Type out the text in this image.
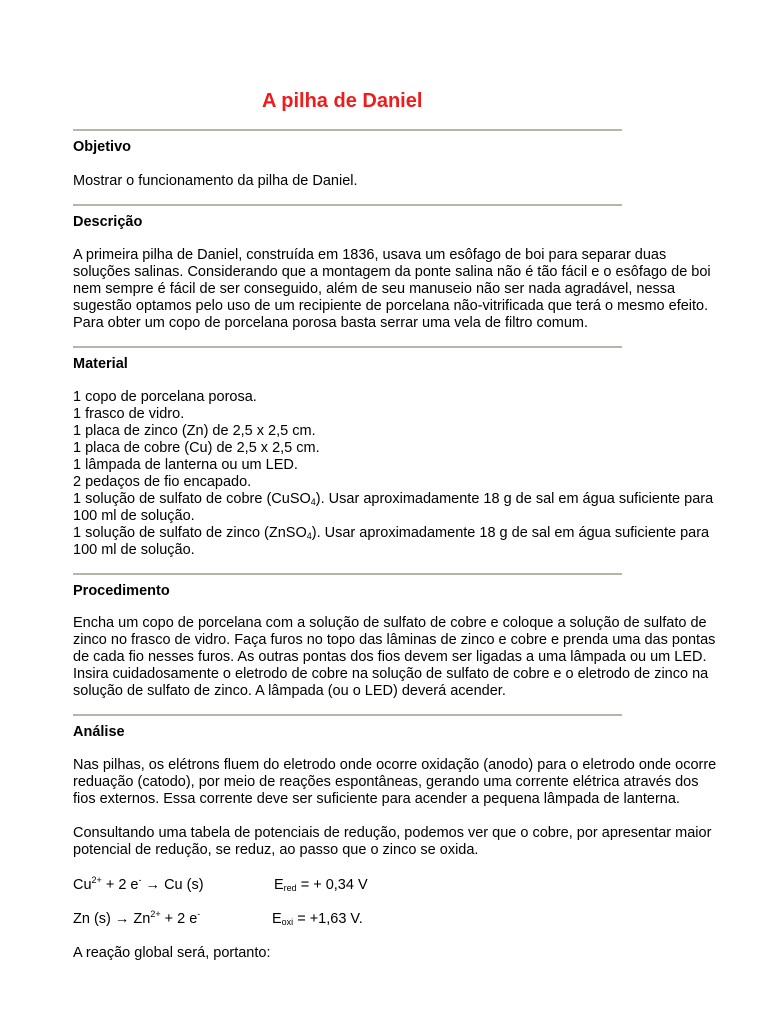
A pilha de Daniel
Objetivo
Mostrar o funcionamento da pilha de Daniel.
Descrição
A primeira pilha de Daniel, construída em 1836, usava um esôfago de boi para separar duas
soluções salinas. Considerando que a montagem da ponte salina não é tão fácil e o esôfago de boi
nem sempre é fácil de ser conseguido, além de seu manuseio não ser nada agradável, nessa
sugestão optamos pelo uso de um recipiente de porcelana não-vitrificada que terá o mesmo efeito.
Para obter um copo de porcelana porosa basta serrar uma vela de filtro comum.
Material
1 copo de porcelana porosa.
1 frasco de vidro.
1 placa de zinco (Zn) de 2,5 x 2,5 cm.
1 placa de cobre (Cu) de 2,5 x 2,5 cm.
1 lâmpada de lanterna ou um LED.
2 pedaços de fio encapado.
1 solução de sulfato de cobre (CuSO$_4$). Usar aproximadamente 18 g de sal em água suficiente para
100 ml de solução.
1 solução de sulfato de zinco (ZnSO$_4$). Usar aproximadamente 18 g de sal em água suficiente para
100 ml de solução.
Procedimento
Encha um copo de porcelana com a solução de sulfato de cobre e coloque a solução de sulfato de
zinco no frasco de vidro. Faça furos no topo das lâminas de zinco e cobre e prenda uma das pontas
de cada fio nesses furos. As outras pontas dos fios devem ser ligadas a uma lâmpada ou um LED.
Insira cuidadosamente o eletrodo de cobre na solução de sulfato de cobre e o eletrodo de zinco na
solução de sulfato de zinco. A lâmpada (ou o LED) deverá acender.
Análise
Nas pilhas, os elétrons fluem do eletrodo onde ocorre oxidação (anodo) para o eletrodo onde ocorre
reduação (catodo), por meio de reações espontâneas, gerando uma corrente elétrica através dos
fios externos. Essa corrente deve ser suficiente para acender a pequena lâmpada de lanterna.
Consultando uma tabela de potenciais de redução, podemos ver que o cobre, por apresentar maior
potencial de redução, se reduz, ao passo que o zinco se oxida.
$Cu^{2+} + 2$ e- → Cu (s)	$E_{red}$ = + 0,34 V
Zn $(s) \to Zn^{2+} + 2$ e-	$E_{oxi} = +1,63$ V.
A reação global será, portanto:
